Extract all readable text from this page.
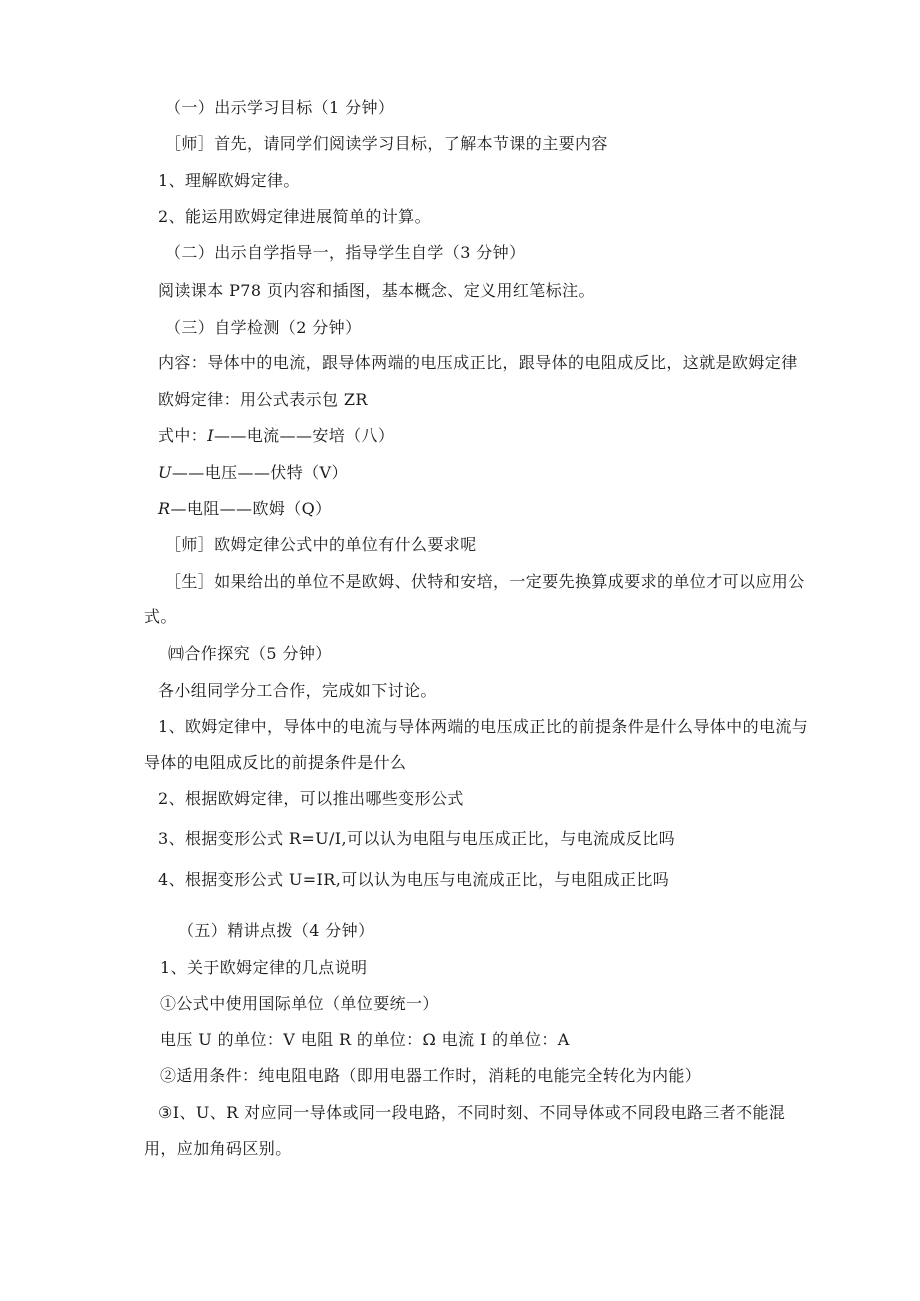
（一）出示学习目标（1 分钟）
［师］首先，请同学们阅读学习目标，了解本节课的主要内容
1、理解欧姆定律。
2、能运用欧姆定律进展简单的计算。
（二）出示自学指导一，指导学生自学（3 分钟）
阅读课本 P78 页内容和插图，基本概念、定义用红笔标注。
（三）自学检测（2 分钟）
内容：导体中的电流，跟导体两端的电压成正比，跟导体的电阻成反比，这就是欧姆定律
欧姆定律：用公式表示包 ZR
式中：I——电流——安培（八）
U——电压——伏特（V）
R—电阻——欧姆（Q）
［师］欧姆定律公式中的单位有什么要求呢
［生］如果给出的单位不是欧姆、伏特和安培，一定要先换算成要求的单位才可以应用公
式。
㈣合作探究（5 分钟）
各小组同学分工合作，完成如下讨论。
1、欧姆定律中，导体中的电流与导体两端的电压成正比的前提条件是什么导体中的电流与
导体的电阻成反比的前提条件是什么
2、根据欧姆定律，可以推出哪些变形公式
3、根据变形公式 R=U/I,可以认为电阻与电压成正比，与电流成反比吗
4、根据变形公式 U=IR,可以认为电压与电流成正比，与电阻成正比吗
（五）精讲点拨（4 分钟）
1、关于欧姆定律的几点说明
①公式中使用国际单位（单位要统一）
电压 U 的单位：V 电阻 R 的单位：Ω 电流 I 的单位：A
②适用条件：纯电阻电路（即用电器工作时，消耗的电能完全转化为内能）
③I、U、R 对应同一导体或同一段电路，不同时刻、不同导体或不同段电路三者不能混
用，应加角码区别。
